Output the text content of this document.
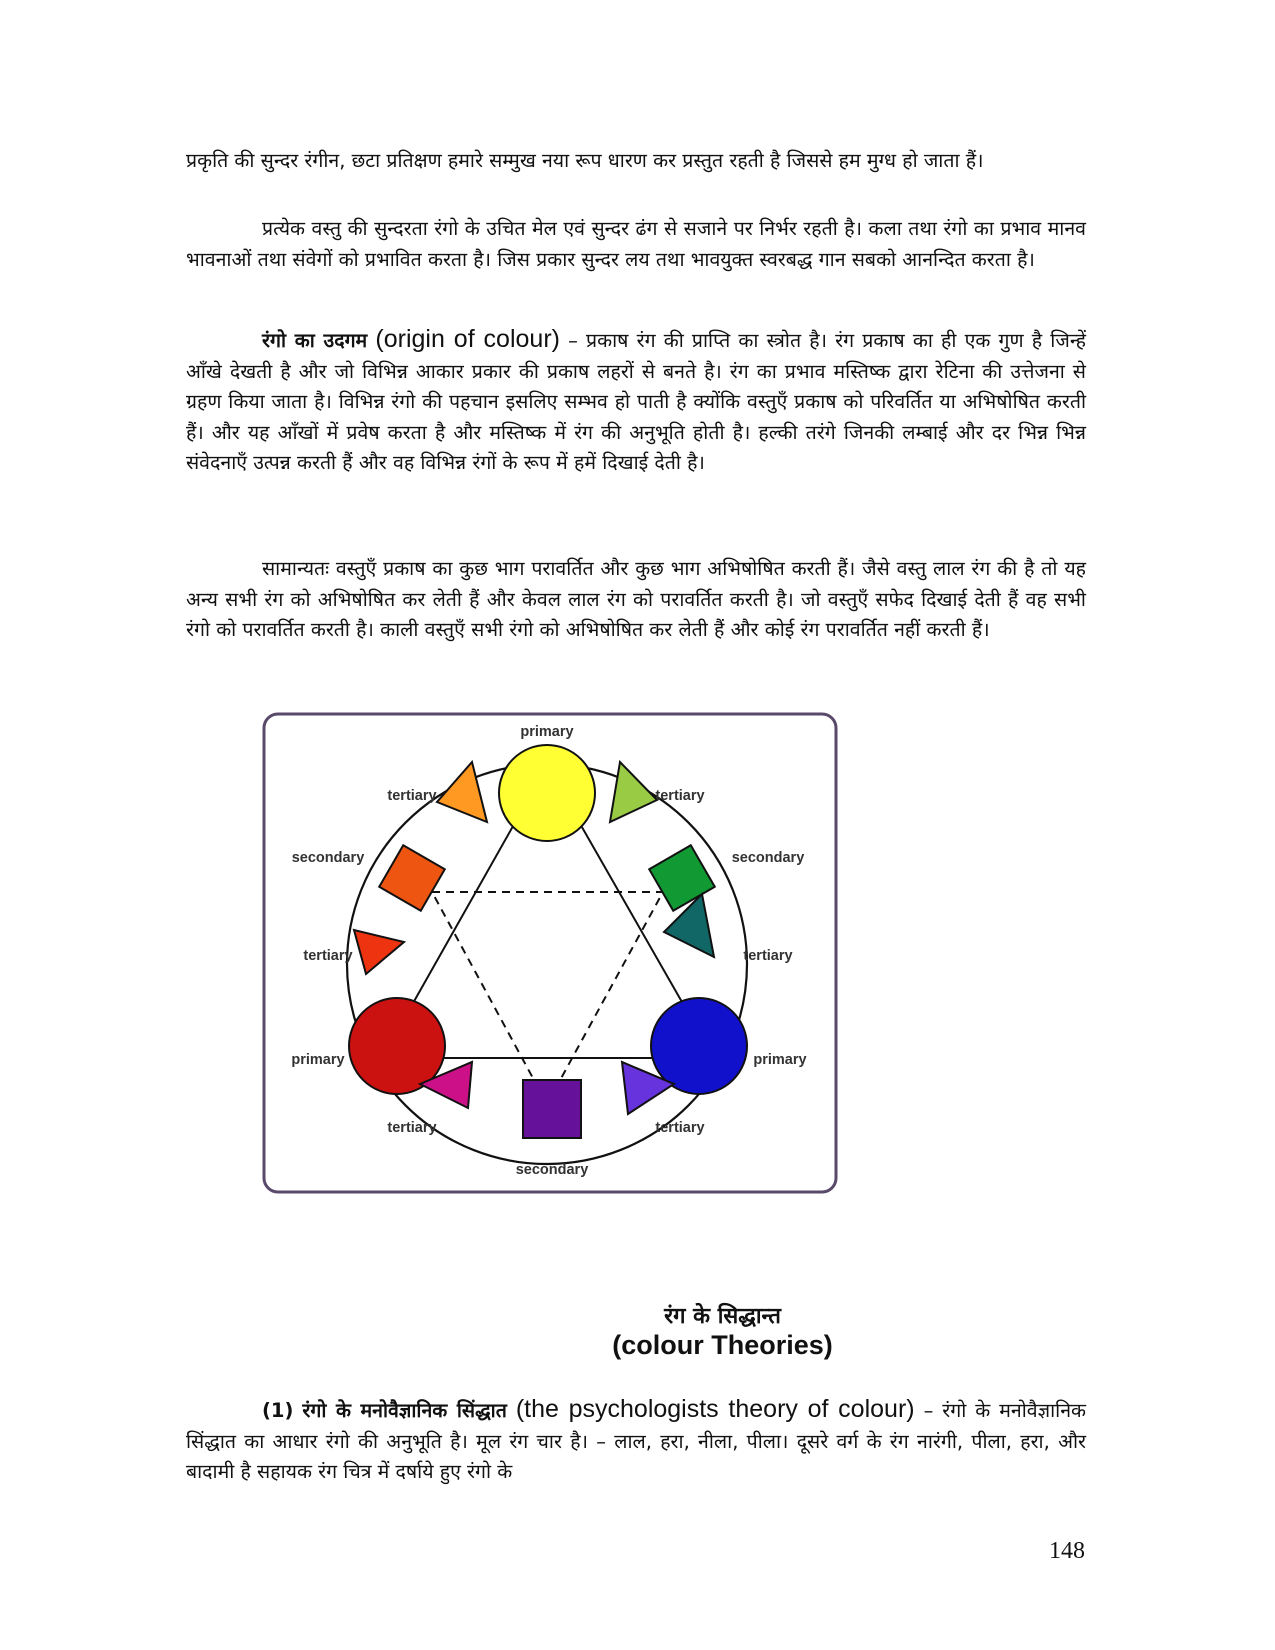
प्रकृति की सुन्दर रंगीन, छटा प्रतिक्षण हमारे सम्मुख नया रूप धारण कर प्रस्तुत रहती है जिससे हम मुग्ध हो जाता हैं।

प्रत्येक वस्तु की सुन्दरता रंगो के उचित मेल एवं सुन्दर ढंग से सजाने पर निर्भर रहती है। कला तथा रंगो का प्रभाव मानव भावनाओं तथा संवेगों को प्रभावित करता है। जिस प्रकार सुन्दर लय तथा भावयुक्त स्वरबद्ध गान सबको आनन्दित करता है।

रंगो का उदगम (origin of colour) – प्रकाष रंग की प्राप्ति का स्त्रोत है। रंग प्रकाष का ही एक गुण है जिन्हें आँखे देखती है और जो विभिन्न आकार प्रकार की प्रकाष लहरों से बनते है। रंग का प्रभाव मस्तिष्क द्वारा रेटिना की उत्तेजना से ग्रहण किया जाता है। विभिन्न रंगो की पहचान इसलिए सम्भव हो पाती है क्योंकि वस्तुएँ प्रकाष को परिवर्तित या अभिषोषित करती हैं। और यह आँखों में प्रवेष करता है और मस्तिष्क में रंग की अनुभूति होती है। हल्की तरंगे जिनकी लम्बाई और दर भिन्न भिन्न संवेदनाएँ उत्पन्न करती हैं और वह विभिन्न रंगों के रूप में हमें दिखाई देती है।

सामान्यतः वस्तुएँ प्रकाष का कुछ भाग परावर्तित और कुछ भाग अभिषोषित करती हैं। जैसे वस्तु लाल रंग की है तो यह अन्य सभी रंग को अभिषोषित कर लेती हैं और केवल लाल रंग को परावर्तित करती है। जो वस्तुएँ सफेद दिखाई देती हैं वह सभी रंगो को परावर्तित करती है। काली वस्तुएँ सभी रंगो को अभिषोषित कर लेती हैं और कोई रंग परावर्तित नहीं करती हैं।

primary
tertiary	tertiary
secondary	secondary
tertiary	tertiary
primary	primary
tertiary	tertiary
secondary
रंग के सिद्धान्त
(colour Theories)

(1) रंगो के मनोवैज्ञानिक सिंद्धात (the psychologists theory of colour) – रंगो के मनोवैज्ञानिक सिंद्धात का आधार रंगो की अनुभूति है। मूल रंग चार है। – लाल, हरा, नीला, पीला। दूसरे वर्ग के रंग नारंगी, पीला, हरा, और बादामी है सहायक रंग चित्र में दर्षाये हुए रंगो के

148
